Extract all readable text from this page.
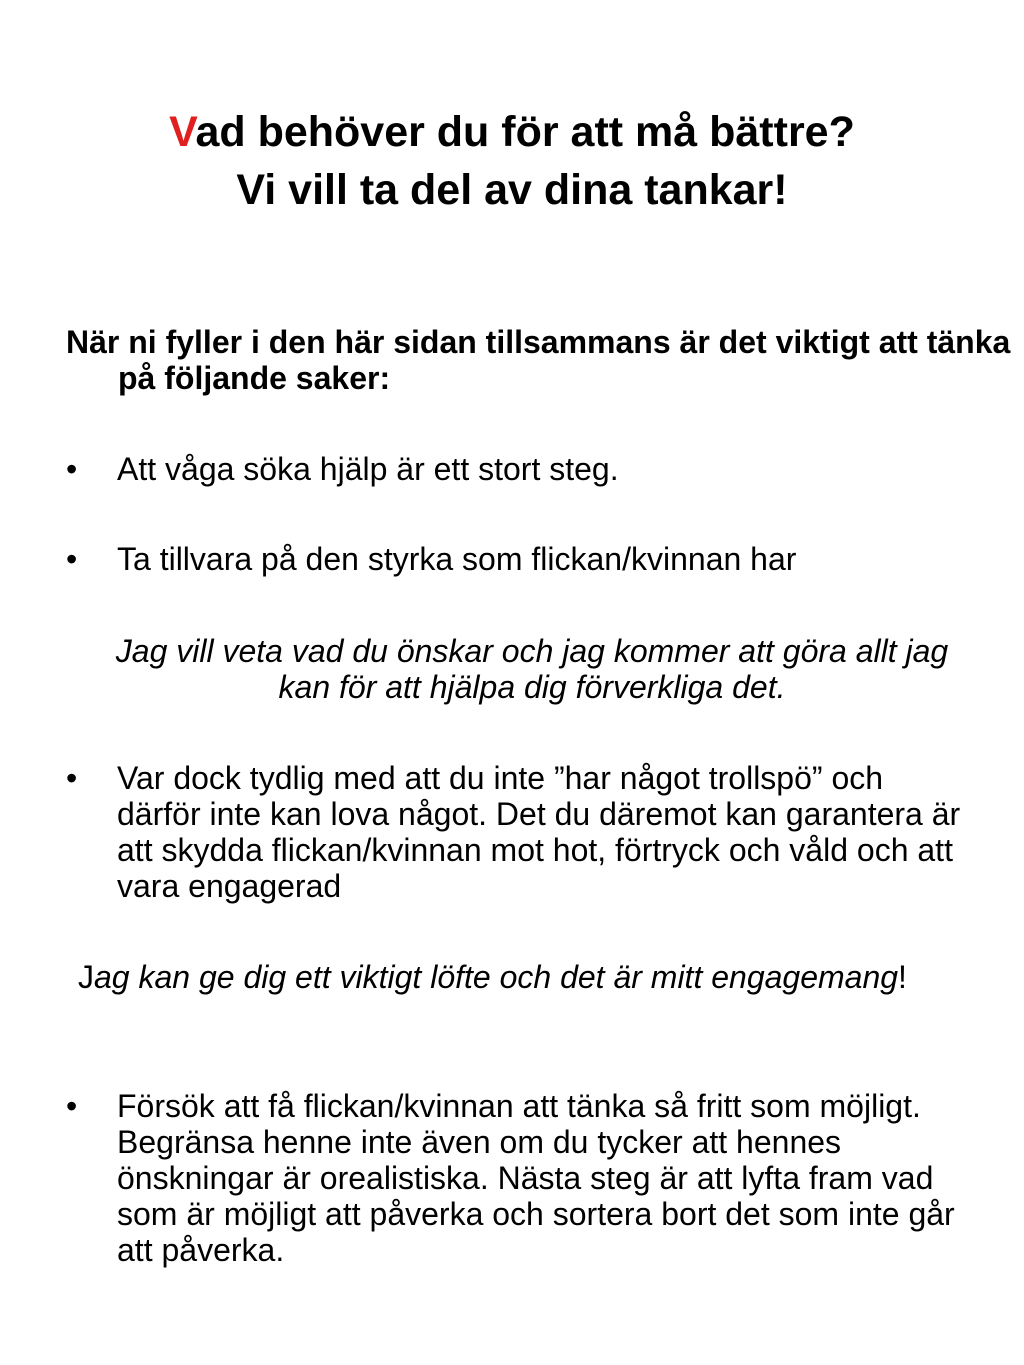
Vad behöver du för att må bättre?
Vi vill ta del av dina tankar!

När ni fyller i den här sidan tillsammans är det viktigt att tänka på följande saker:

•	Att våga söka hjälp är ett stort steg.
•	Ta tillvara på den styrka som flickan/kvinnan har

Jag vill veta vad du önskar och jag kommer att göra allt jag kan för att hjälpa dig förverkliga det.

•	Var dock tydlig med att du inte ”har något trollspö” och därför inte kan lova något. Det du däremot kan garantera är att skydda flickan/kvinnan mot hot, förtryck och våld och att vara engagerad

Jag kan ge dig ett viktigt löfte och det är mitt engagemang!

•	Försök att få flickan/kvinnan att tänka så fritt som möjligt. Begränsa henne inte även om du tycker att hennes önskningar är orealistiska. Nästa steg är att lyfta fram vad som är möjligt att påverka och sortera bort det som inte går att påverka.
